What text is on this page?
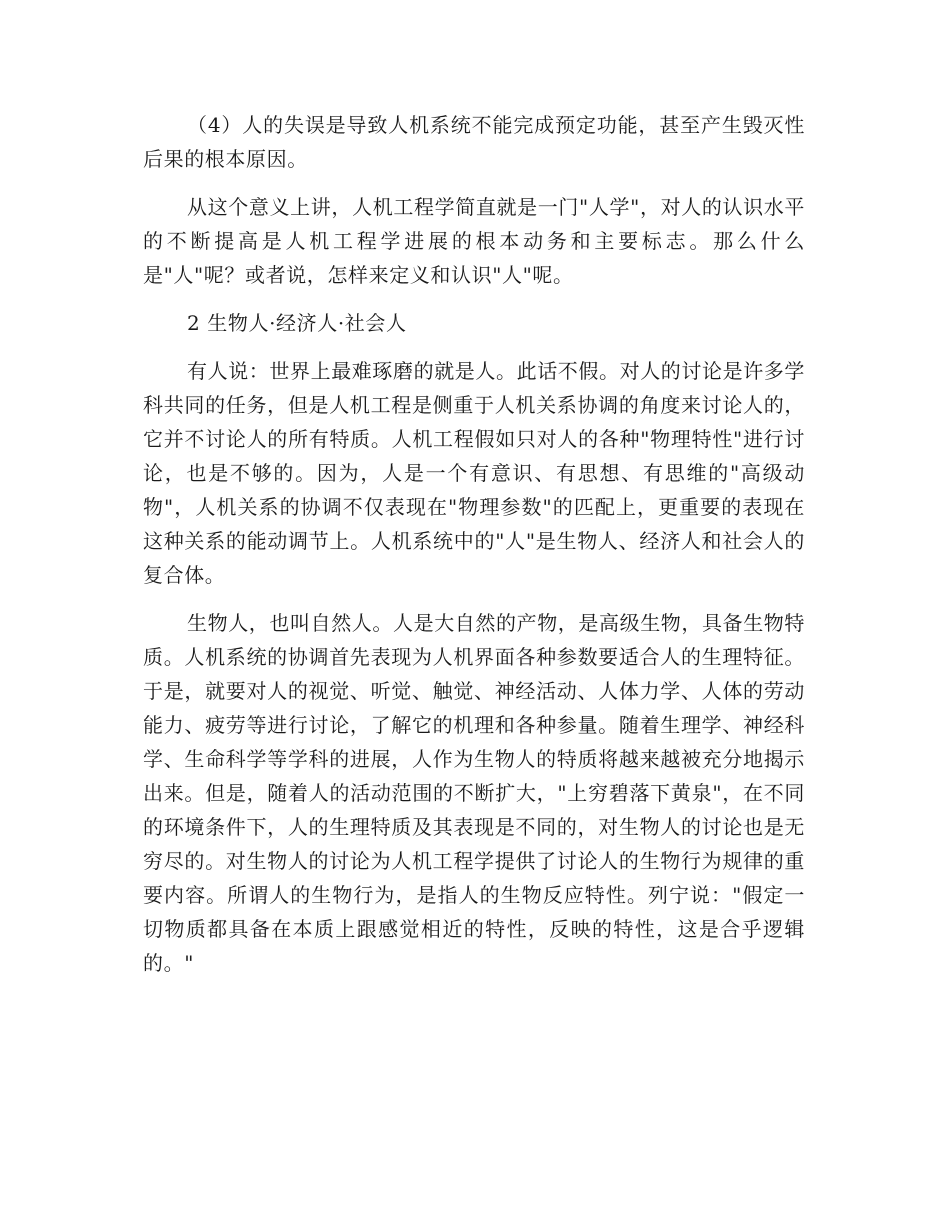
（4）人的失误是导致人机系统不能完成预定功能，甚至产生毁灭性后果的根本原因。

从这个意义上讲，人机工程学简直就是一门"人学"，对人的认识水平的不断提高是人机工程学进展的根本动务和主要标志。那么什么是"人"呢？或者说，怎样来定义和认识"人"呢。

2 生物人·经济人·社会人

有人说：世界上最难琢磨的就是人。此话不假。对人的讨论是许多学科共同的任务，但是人机工程是侧重于人机关系协调的角度来讨论人的，它并不讨论人的所有特质。人机工程假如只对人的各种"物理特性"进行讨论，也是不够的。因为，人是一个有意识、有思想、有思维的"高级动物"，人机关系的协调不仅表现在"物理参数"的匹配上，更重要的表现在这种关系的能动调节上。人机系统中的"人"是生物人、经济人和社会人的复合体。

生物人，也叫自然人。人是大自然的产物，是高级生物，具备生物特质。人机系统的协调首先表现为人机界面各种参数要适合人的生理特征。于是，就要对人的视觉、听觉、触觉、神经活动、人体力学、人体的劳动能力、疲劳等进行讨论，了解它的机理和各种参量。随着生理学、神经科学、生命科学等学科的进展，人作为生物人的特质将越来越被充分地揭示出来。但是，随着人的活动范围的不断扩大，"上穷碧落下黄泉"，在不同的环境条件下，人的生理特质及其表现是不同的，对生物人的讨论也是无穷尽的。对生物人的讨论为人机工程学提供了讨论人的生物行为规律的重要内容。所谓人的生物行为，是指人的生物反应特性。列宁说："假定一切物质都具备在本质上跟感觉相近的特性，反映的特性，这是合乎逻辑的。"
